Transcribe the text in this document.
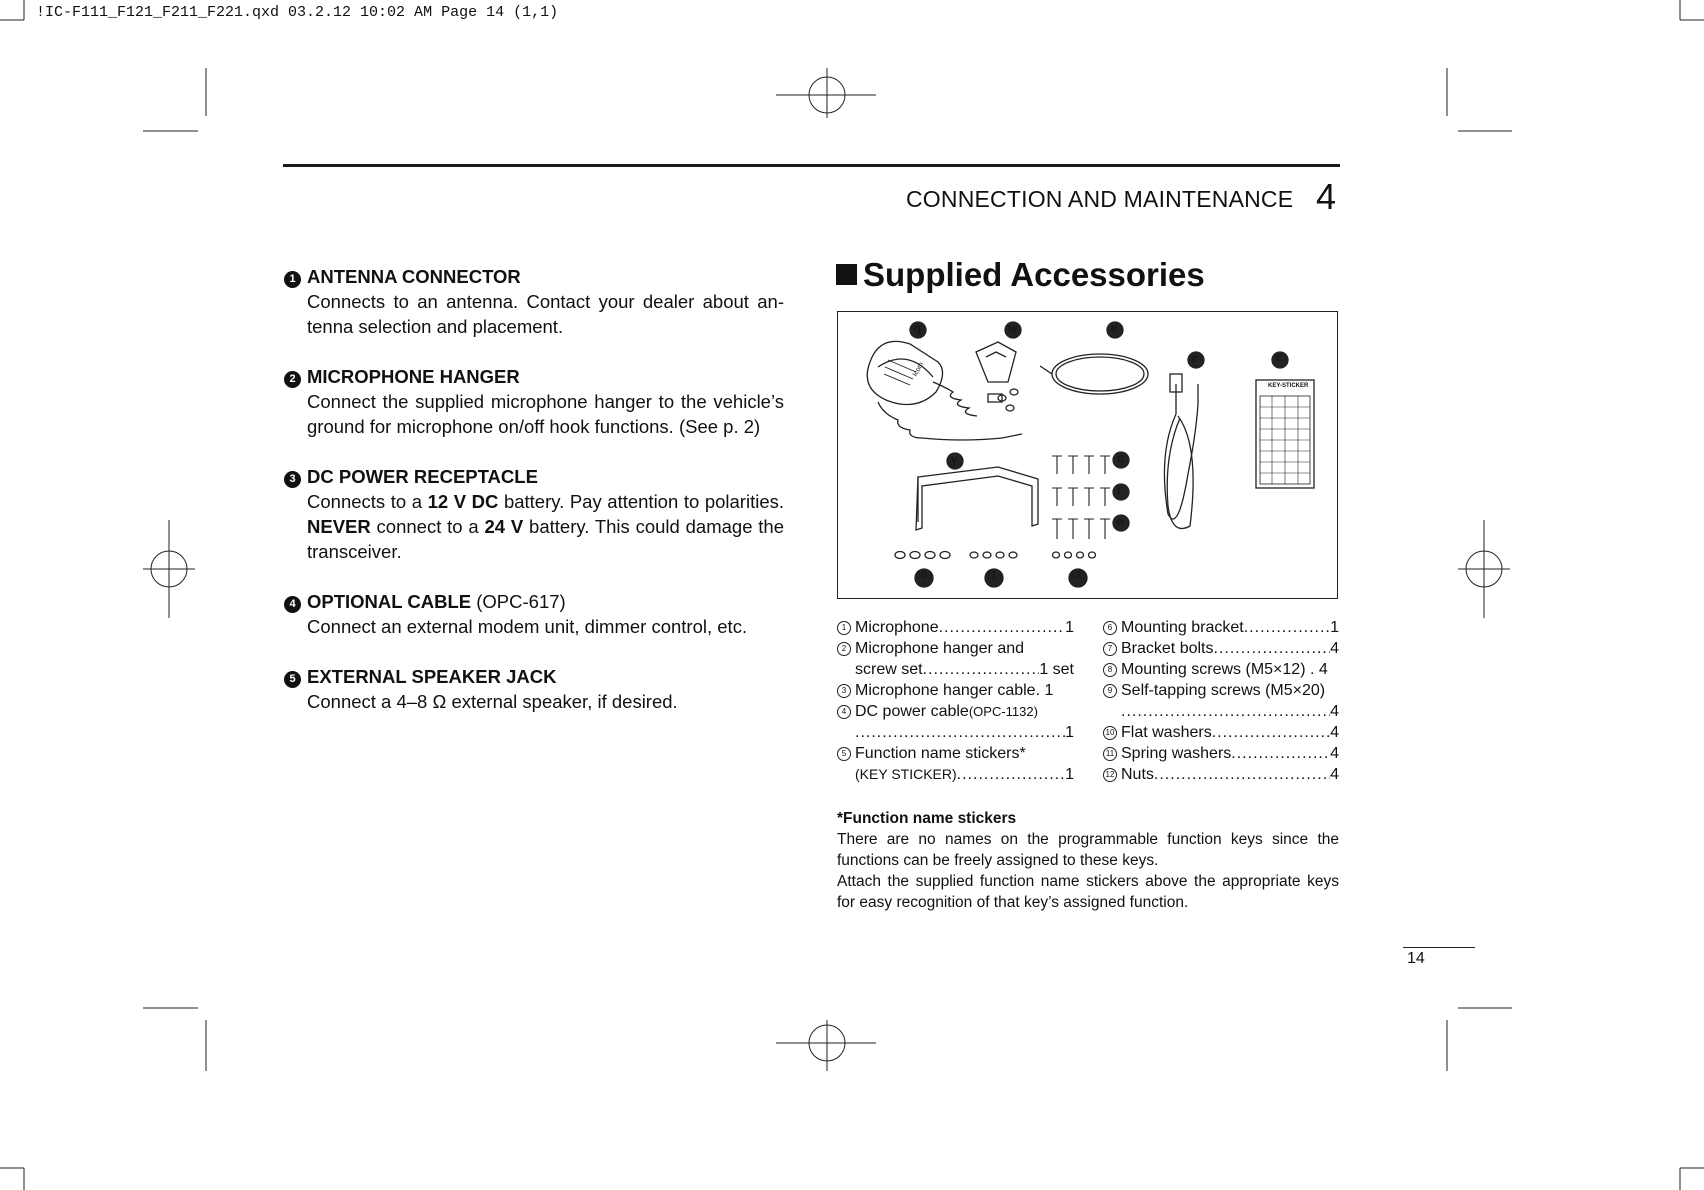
!IC-F111_F121_F211_F221.qxd 03.2.12 10:02 AM Page 14 (1,1)
CONNECTION AND MAINTENANCE 4
1 ANTENNA CONNECTOR
Connects to an antenna. Contact your dealer about an-tenna selection and placement.
2 MICROPHONE HANGER
Connect the supplied microphone hanger to the vehicle’s ground for microphone on/off hook functions. (See p. 2)
3 DC POWER RECEPTACLE
Connects to a 12 V DC battery. Pay attention to polarities. NEVER connect to a 24 V battery. This could damage the transceiver.
4 OPTIONAL CABLE (OPC-617)
Connect an external modem unit, dimmer control, etc.
5 EXTERNAL SPEAKER JACK
Connect a 4–8 Ω external speaker, if desired.
Supplied Accessories
q	w	e
r	t
y	u
i
o
!0	!1	!2
KEY-STICKER
Icom
1 Microphone .....	1
2 Microphone hanger and
screw set .....	1 set
3 Microphone hanger cable . 1
4 DC power cable (OPC-1132)
.....
1
5 Function name stickers*
(KEY STICKER) .....	1
6 Mounting bracket .....	1
7 Bracket bolts .....	4
8 Mounting screws (M5×12) . 4
9 Self-tapping screws (M5×20)
.....
4
10 Flat washers .....	4
11 Spring washers .....	4
12 Nuts .....	4
*Function name stickers
There are no names on the programmable function keys since the functions can be freely assigned to these keys.
Attach the supplied function name stickers above the appropriate keys for easy recognition of that key’s assigned function.
14
